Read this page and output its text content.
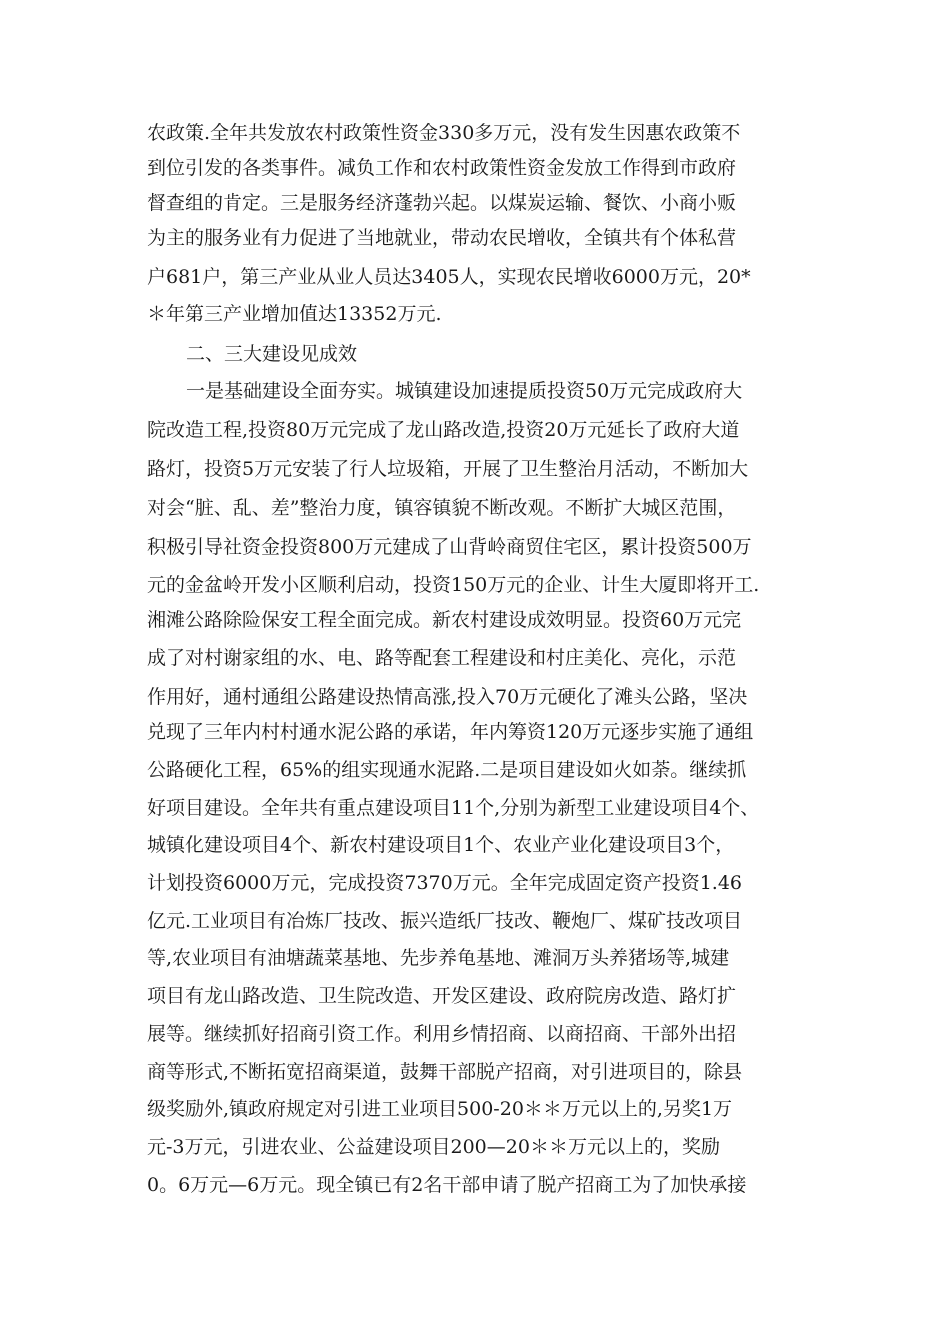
农政策.全年共发放农村政策性资金330多万元，没有发生因惠农政策不
到位引发的各类事件。减负工作和农村政策性资金发放工作得到市政府
督查组的肯定。三是服务经济蓬勃兴起。以煤炭运输、餐饮、小商小贩
为主的服务业有力促进了当地就业，带动农民增收，全镇共有个体私营
户681户，第三产业从业人员达3405人，实现农民增收6000万元，20*
＊年第三产业增加值达13352万元.
二、三大建设见成效
一是基础建设全面夯实。城镇建设加速提质投资50万元完成政府大
院改造工程,投资80万元完成了龙山路改造,投资20万元延长了政府大道
路灯，投资5万元安装了行人垃圾箱，开展了卫生整治月活动，不断加大
对会“脏、乱、差”整治力度，镇容镇貌不断改观。不断扩大城区范围，
积极引导社资金投资800万元建成了山背岭商贸住宅区，累计投资500万
元的金盆岭开发小区顺利启动，投资150万元的企业、计生大厦即将开工.
湘滩公路除险保安工程全面完成。新农村建设成效明显。投资60万元完
成了对村谢家组的水、电、路等配套工程建设和村庄美化、亮化，示范
作用好，通村通组公路建设热情高涨,投入70万元硬化了滩头公路，坚决
兑现了三年内村村通水泥公路的承诺，年内筹资120万元逐步实施了通组
公路硬化工程，65%的组实现通水泥路.二是项目建设如火如荼。继续抓
好项目建设。全年共有重点建设项目11个,分别为新型工业建设项目4个、
城镇化建设项目4个、新农村建设项目1个、农业产业化建设项目3个，
计划投资6000万元，完成投资7370万元。全年完成固定资产投资1.46
亿元.工业项目有冶炼厂技改、振兴造纸厂技改、鞭炮厂、煤矿技改项目
等,农业项目有油塘蔬菜基地、先步养龟基地、滩洞万头养猪场等,城建
项目有龙山路改造、卫生院改造、开发区建设、政府院房改造、路灯扩
展等。继续抓好招商引资工作。利用乡情招商、以商招商、干部外出招
商等形式,不断拓宽招商渠道，鼓舞干部脱产招商，对引进项目的，除县
级奖励外,镇政府规定对引进工业项目500-20＊＊万元以上的,另奖1万
元-3万元，引进农业、公益建设项目200—20＊＊万元以上的，奖励
0。6万元—6万元。现全镇已有2名干部申请了脱产招商工为了加快承接
